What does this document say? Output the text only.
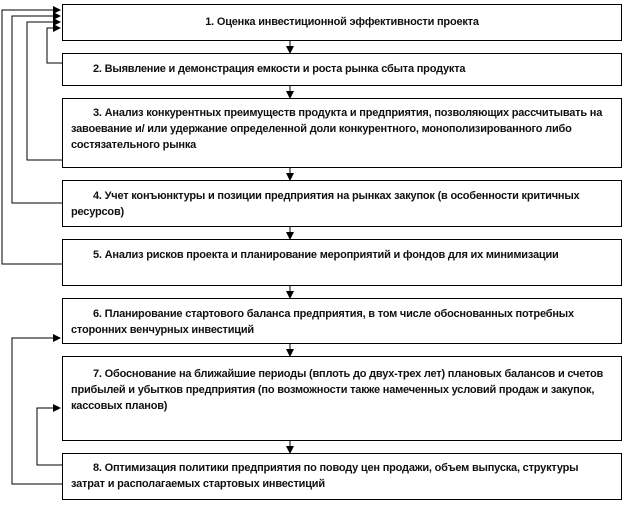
1. Оценка инвестиционной эффективности проекта
2. Выявление и демонстрация емкости и роста рынка сбыта продукта
3. Анализ конкурентных преимуществ продукта и предприятия, позволяющих рассчитывать на завоевание и/ или удержание определенной доли конкурентного, монополизированного либо состязательного рынка
4. Учет конъюнктуры и позиции предприятия на рынках закупок (в особенности критичных ресурсов)
5. Анализ рисков проекта и планирование мероприятий и фондов для их минимизации
6. Планирование стартового баланса предприятия, в том числе обоснованных потребных сторонних венчурных инвестиций
7. Обоснование на ближайшие периоды (вплоть до двух-трех лет) плановых балансов и счетов прибылей и убытков предприятия (по возможности также намеченных условий продаж и закупок, кассовых планов)
8. Оптимизация политики предприятия по поводу цен продажи, объем выпуска, структуры затрат и располагаемых стартовых инвестиций
